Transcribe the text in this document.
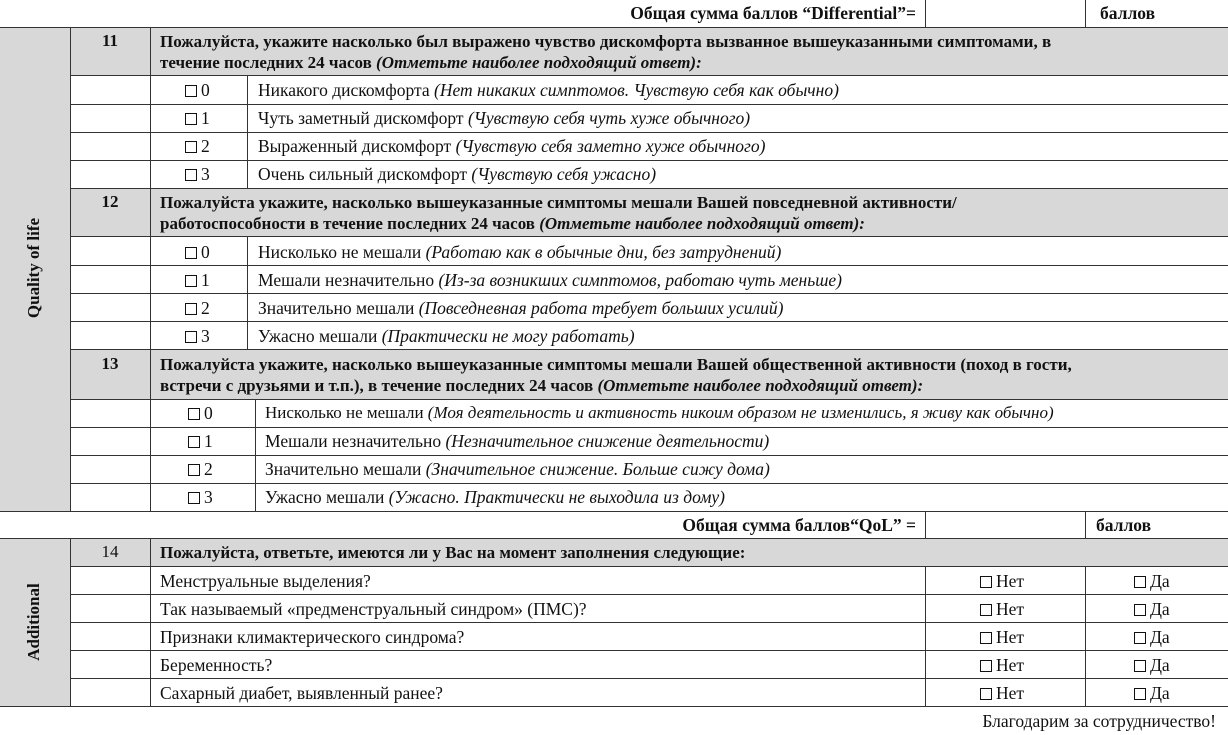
Общая сумма баллов “Differential”=	баллов
Quality of life
Additional
11	Пожалуйста, укажите насколько был выражено чувство дискомфорта вызванное вышеуказанными симптомами, в
течение последних 24 часов (Отметьте наиболее подходящий ответ):
0	Никакого дискомфорта (Нет никаких симптомов. Чувствую себя как обычно)
1	Чуть заметный дискомфорт (Чувствую себя чуть хуже обычного)
2	Выраженный дискомфорт (Чувствую себя заметно хуже обычного)
3	Очень сильный дискомфорт (Чувствую себя ужасно)
12	Пожалуйста укажите, насколько вышеуказанные симптомы мешали Вашей повседневной активности/
работоспособности в течение последних 24 часов (Отметьте наиболее подходящий ответ):
0	Нисколько не мешали (Работаю как в обычные дни, без затруднений)
1	Мешали незначительно (Из-за возникших симптомов, работаю чуть меньше)
2	Значительно мешали (Повседневная работа требует больших усилий)
3	Ужасно мешали (Практически не могу работать)
13	Пожалуйста укажите, насколько вышеуказанные симптомы мешали Вашей общественной активности (поход в гости,
встречи с друзьями и т.п.), в течение последних 24 часов (Отметьте наиболее подходящий ответ):
0	Нисколько не мешали (Моя деятельность и активность никоим образом не изменились, я живу как обычно)
1	Мешали незначительно (Незначительное снижение деятельности)
2	Значительно мешали (Значительное снижение. Больше сижу дома)
3	Ужасно мешали (Ужасно. Практически не выходила из дому)
Общая сумма баллов“QoL” =	баллов
14	Пожалуйста, ответьте, имеются ли у Вас на момент заполнения следующие:
Менструальные выделения?	Нет	Да
Так называемый «предменструальный синдром» (ПМС)?	Нет	Да
Признаки климактерического синдрома?	Нет	Да
Беременность?	Нет	Да
Сахарный диабет, выявленный ранее?	Нет	Да
Благодарим за сотрудничество!
